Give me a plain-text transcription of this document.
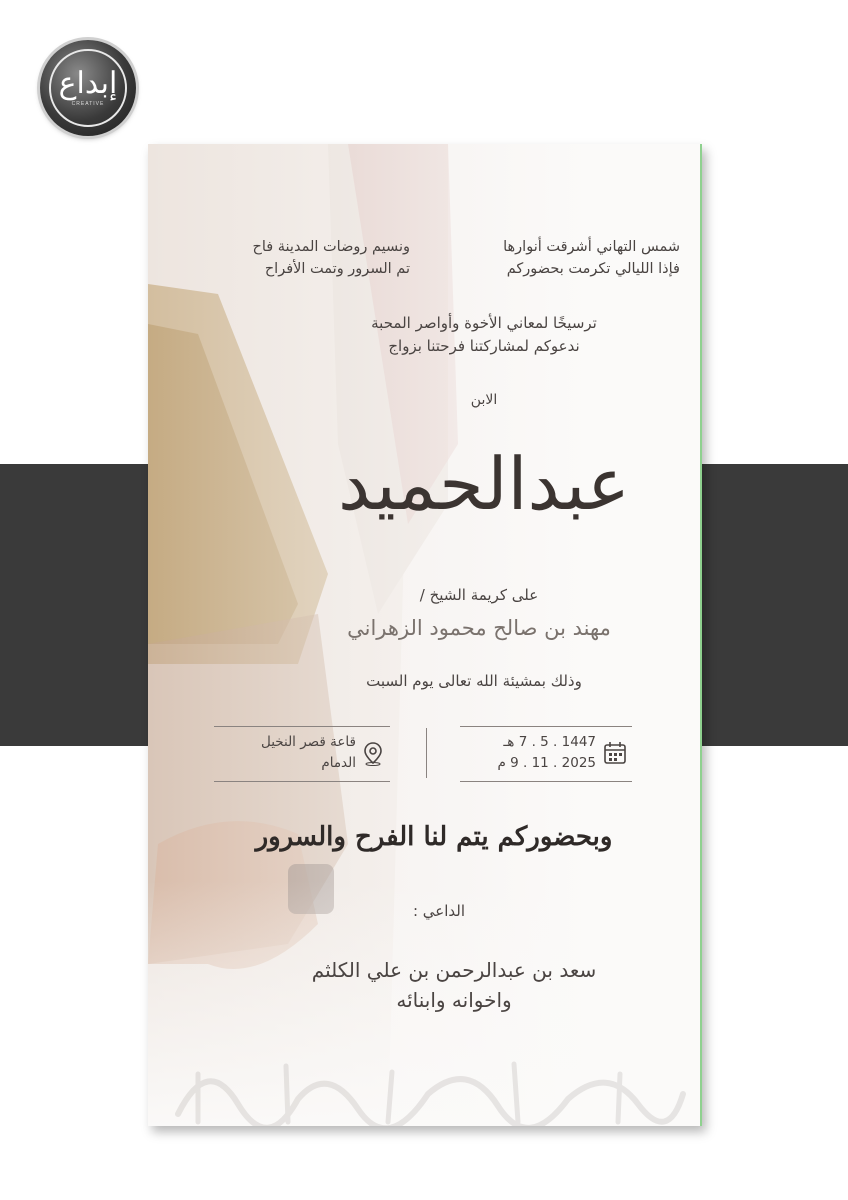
إبداع
CREATIVE
شمس التهاني أشرقت أنوارها
فإذا الليالي تكرمت بحضوركم
ونسيم روضات المدينة فاح
تم السرور وتمت الأفراح
ترسيخًا لمعاني الأخوة وأواصر المحبة
ندعوكم لمشاركتنا فرحتنا بزواج
الابن
عبدالحميد
على كريمة الشيخ /
مهند بن صالح محمود الزهراني
وذلك بمشيئة الله تعالى يوم السبت
1447 . 5 . 7 هـ
2025 . 11 . 9 م
قاعة قصر النخيل
الدمام
وبحضوركم يتم لنا الفرح والسرور
الداعي :
سعد بن عبدالرحمن بن علي الكلثم
واخوانه وابنائه
